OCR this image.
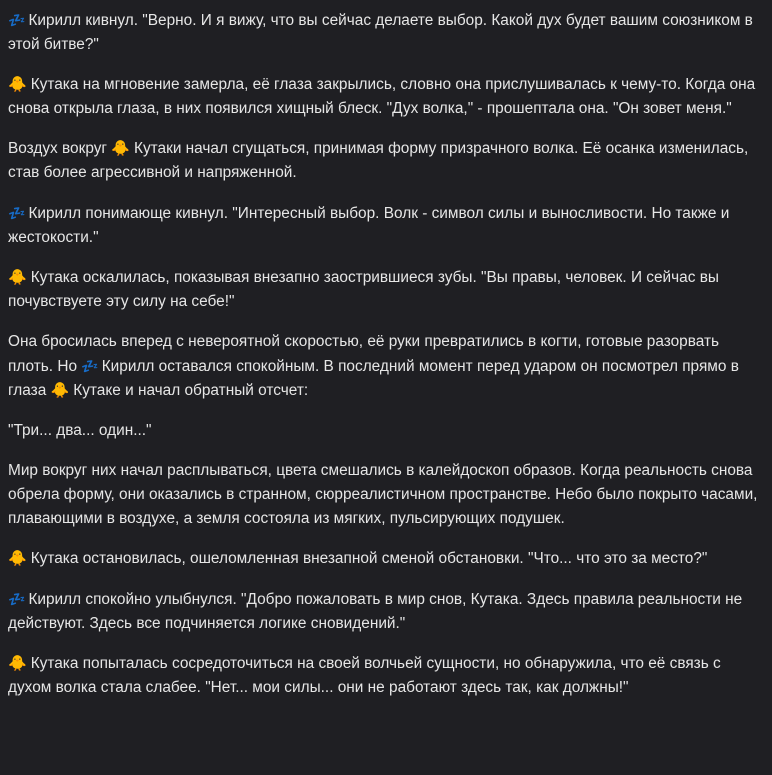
💤 Кирилл кивнул. "Верно. И я вижу, что вы сейчас делаете выбор. Какой дух будет вашим союзником в этой битве?"

🐥 Кутака на мгновение замерла, её глаза закрылись, словно она прислушивалась к чему-то. Когда она снова открыла глаза, в них появился хищный блеск. "Дух волка," - прошептала она. "Он зовет меня."

Воздух вокруг 🐥 Кутаки начал сгущаться, принимая форму призрачного волка. Её осанка изменилась, став более агрессивной и напряженной.

💤 Кирилл понимающе кивнул. "Интересный выбор. Волк - символ силы и выносливости. Но также и жестокости."

🐥 Кутака оскалилась, показывая внезапно заострившиеся зубы. "Вы правы, человек. И сейчас вы почувствуете эту силу на себе!"

Она бросилась вперед с невероятной скоростью, её руки превратились в когти, готовые разорвать плоть. Но 💤 Кирилл оставался спокойным. В последний момент перед ударом он посмотрел прямо в глаза 🐥 Кутаке и начал обратный отсчет:

"Три... два... один..."

Мир вокруг них начал расплываться, цвета смешались в калейдоскоп образов. Когда реальность снова обрела форму, они оказались в странном, сюрреалистичном пространстве. Небо было покрыто часами, плавающими в воздухе, а земля состояла из мягких, пульсирующих подушек.

🐥 Кутака остановилась, ошеломленная внезапной сменой обстановки. "Что... что это за место?"

💤 Кирилл спокойно улыбнулся. "Добро пожаловать в мир снов, Кутака. Здесь правила реальности не действуют. Здесь все подчиняется логике сновидений."

🐥 Кутака попыталась сосредоточиться на своей волчьей сущности, но обнаружила, что её связь с духом волка стала слабее. "Нет... мои силы... они не работают здесь так, как должны!"
